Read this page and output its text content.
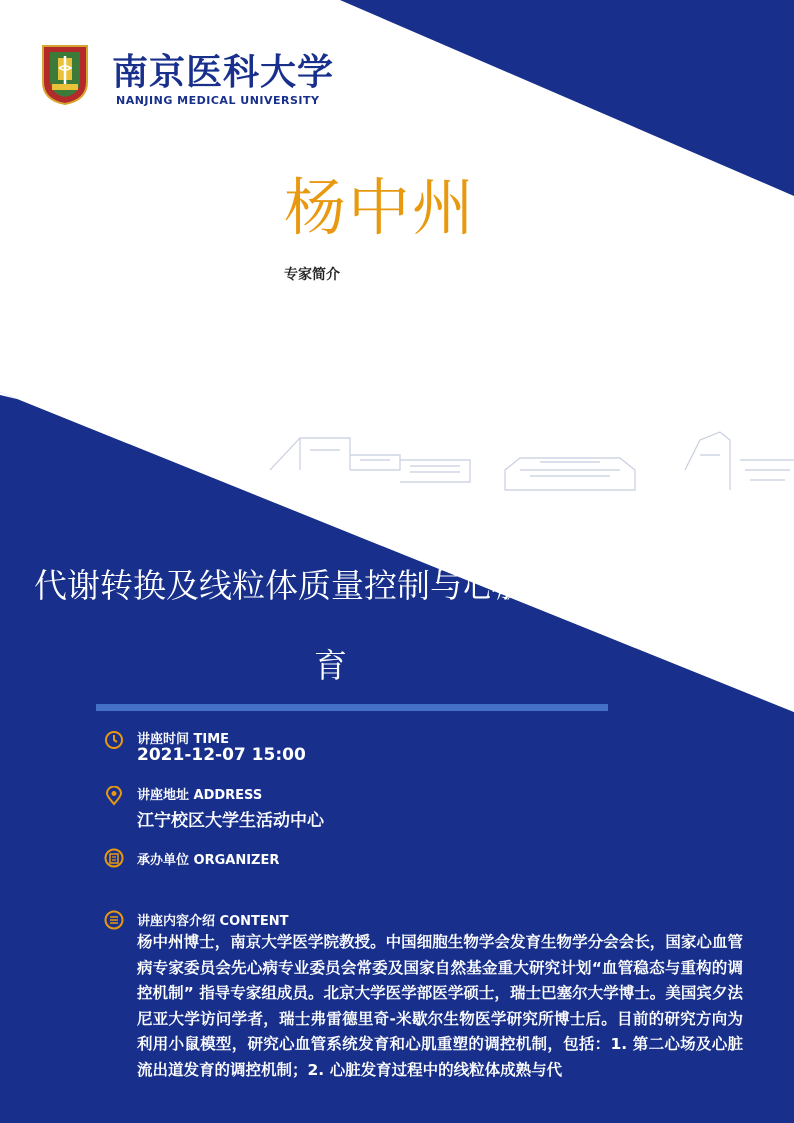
南京医科大学
NANJING MEDICAL UNIVERSITY
杨中州
专家简介
代谢转换及线粒体质量控制与心脏发
育
讲座时间 TIME
2021-12-07 15:00
讲座地址 ADDRESS
江宁校区大学生活动中心
承办单位 ORGANIZER
讲座内容介绍 CONTENT
杨中州博士，南京大学医学院教授。中国细胞生物学会发育生物学分会会长，国家心血管病专家委员会先心病专业委员会常委及国家自然基金重大研究计划“血管稳态与重构的调控机制” 指导专家组成员。北京大学医学部医学硕士，瑞士巴塞尔大学博士。美国宾夕法尼亚大学访问学者，瑞士弗雷德里奇-米歇尔生物医学研究所博士后。目前的研究方向为利用小鼠模型，研究心血管系统发育和心肌重塑的调控机制，包括：1. 第二心场及心脏流出道发育的调控机制；2. 心脏发育过程中的线粒体成熟与代
